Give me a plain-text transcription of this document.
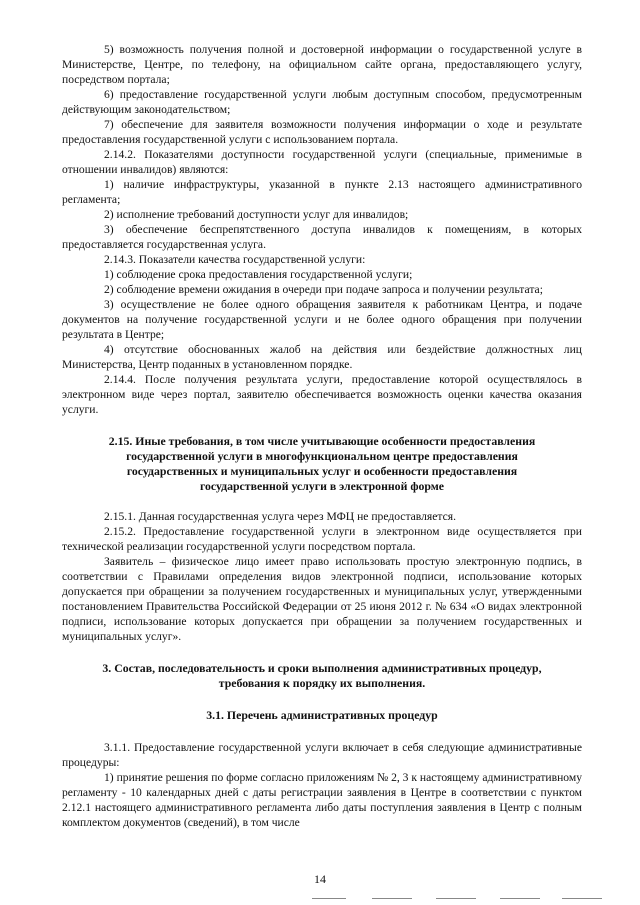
5) возможность получения полной и достоверной информации о государственной услуге в Министерстве, Центре, по телефону, на официальном сайте органа, предоставляющего услугу, посредством портала;

6) предоставление государственной услуги любым доступным способом, предусмотренным действующим законодательством;

7) обеспечение для заявителя возможности получения информации о ходе и результате предоставления государственной услуги с использованием портала.

2.14.2. Показателями доступности государственной услуги (специальные, применимые в отношении инвалидов) являются:

1) наличие инфраструктуры, указанной в пункте 2.13 настоящего административного регламента;

2) исполнение требований доступности услуг для инвалидов;

3) обеспечение беспрепятственного доступа инвалидов к помещениям, в которых предоставляется государственная услуга.

2.14.3. Показатели качества государственной услуги:

1) соблюдение срока предоставления государственной услуги;

2) соблюдение времени ожидания в очереди при подаче запроса и получении результата;

3) осуществление не более одного обращения заявителя к работникам Центра, и подаче документов на получение государственной услуги и не более одного обращения при получении результата в Центре;

4) отсутствие обоснованных жалоб на действия или бездействие должностных лиц Министерства, Центр поданных в установленном порядке.

2.14.4. После получения результата услуги, предоставление которой осуществлялось в электронном виде через портал, заявителю обеспечивается возможность оценки качества оказания услуги.

2.15. Иные требования, в том числе учитывающие особенности предоставления
государственной услуги в многофункциональном центре предоставления
государственных и муниципальных услуг и особенности предоставления
государственной услуги в электронной форме

2.15.1. Данная государственная услуга через МФЦ не предоставляется.

2.15.2. Предоставление государственной услуги в электронном виде осуществляется при технической реализации государственной услуги посредством портала.

Заявитель – физическое лицо имеет право использовать простую электронную подпись, в соответствии с Правилами определения видов электронной подписи, использование которых допускается при обращении за получением государственных и муниципальных услуг, утвержденными постановлением Правительства Российской Федерации от 25 июня 2012 г. № 634 «О видах электронной подписи, использование которых допускается при обращении за получением государственных и муниципальных услуг».

3. Состав, последовательность и сроки выполнения административных процедур,
требования к порядку их выполнения.
3.1. Перечень административных процедур

3.1.1. Предоставление государственной услуги включает в себя следующие административные процедуры:

1) принятие решения по форме согласно приложениям № 2, 3 к настоящему административному регламенту - 10 календарных дней с даты регистрации заявления в Центре в соответствии с пунктом 2.12.1 настоящего административного регламента либо даты поступления заявления в Центр с полным комплектом документов (сведений), в том числе

14
